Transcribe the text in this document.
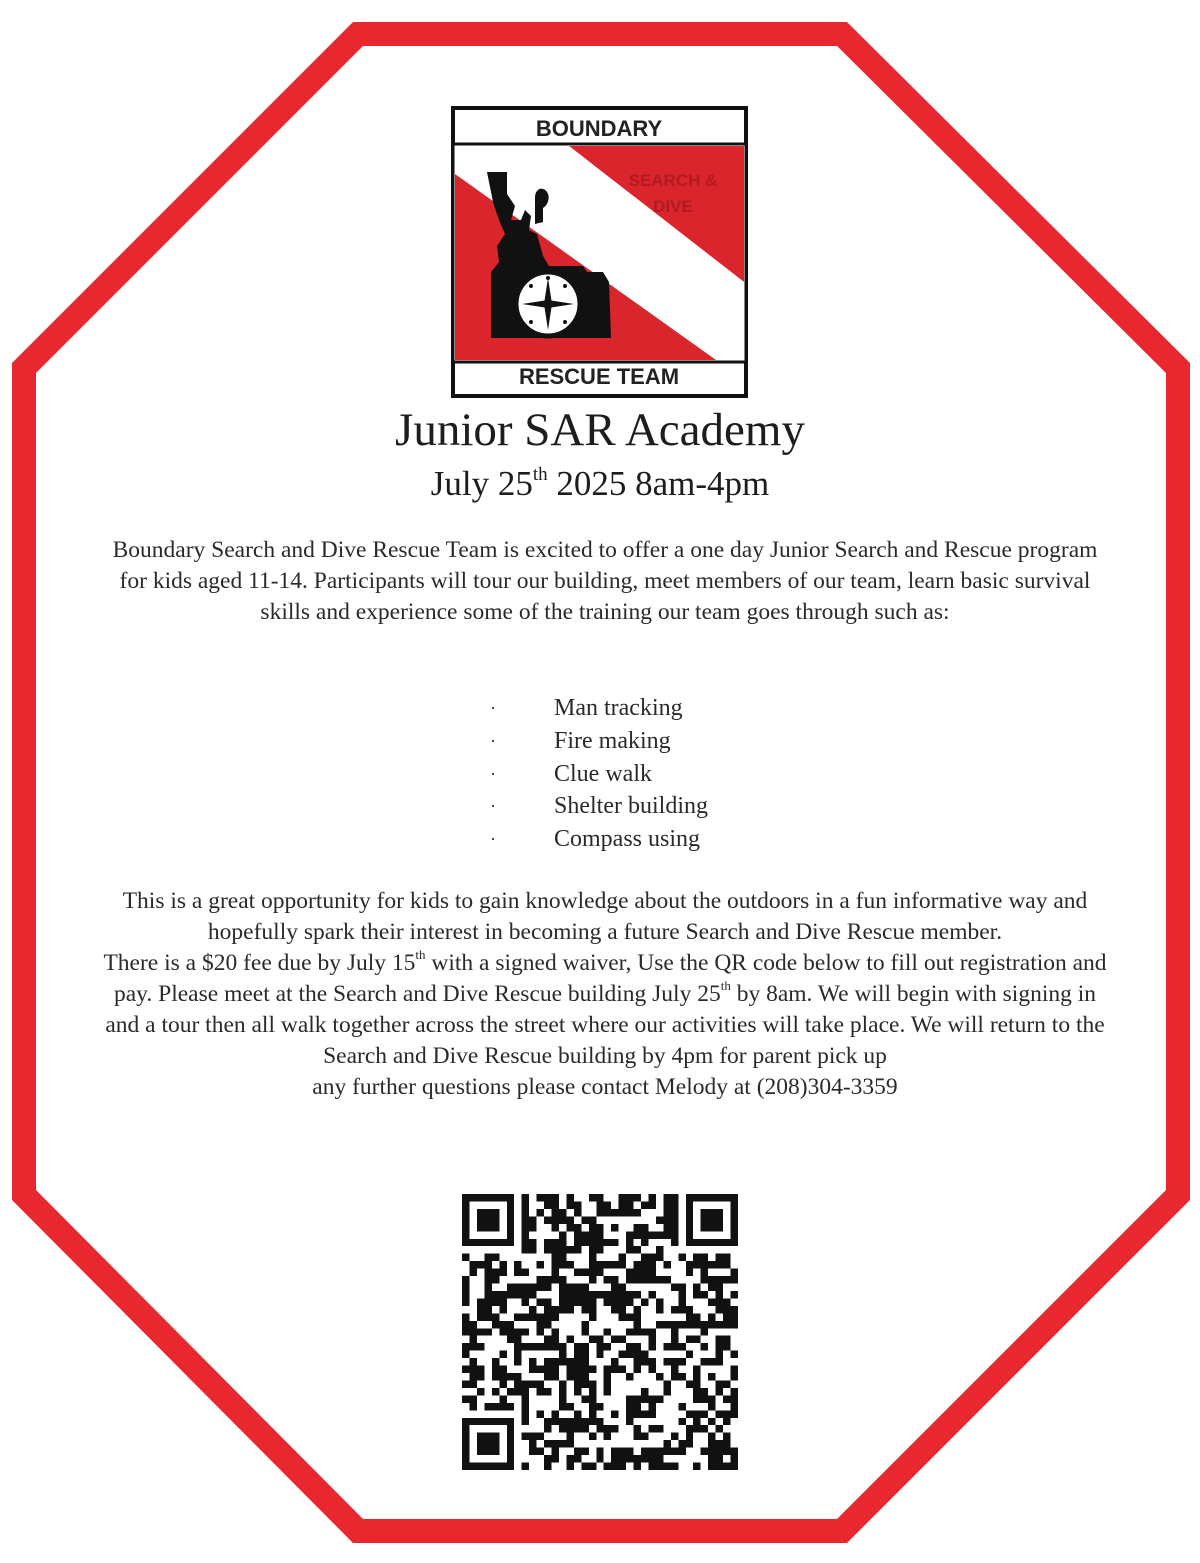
BOUNDARY
SEARCH &
DIVE
RESCUE TEAM
Junior SAR Academy
July 25th 2025 8am-4pm
Boundary Search and Dive Rescue Team is excited to offer a one day Junior Search and Rescue program for kids aged 11-14. Participants will tour our building, meet members of our team, learn basic survival skills and experience some of the training our team goes through such as:
· Man tracking
· Fire making
· Clue walk
· Shelter building
· Compass using

This is a great opportunity for kids to gain knowledge about the outdoors in a fun informative way and hopefully spark their interest in becoming a future Search and Dive Rescue member.

There is a $20 fee due by July 15th with a signed waiver, Use the QR code below to fill out registration and pay. Please meet at the Search and Dive Rescue building July 25th by 8am. We will begin with signing in and a tour then all walk together across the street where our activities will take place. We will return to the Search and Dive Rescue building by 4pm for parent pick up

any further questions please contact Melody at (208)304-3359
